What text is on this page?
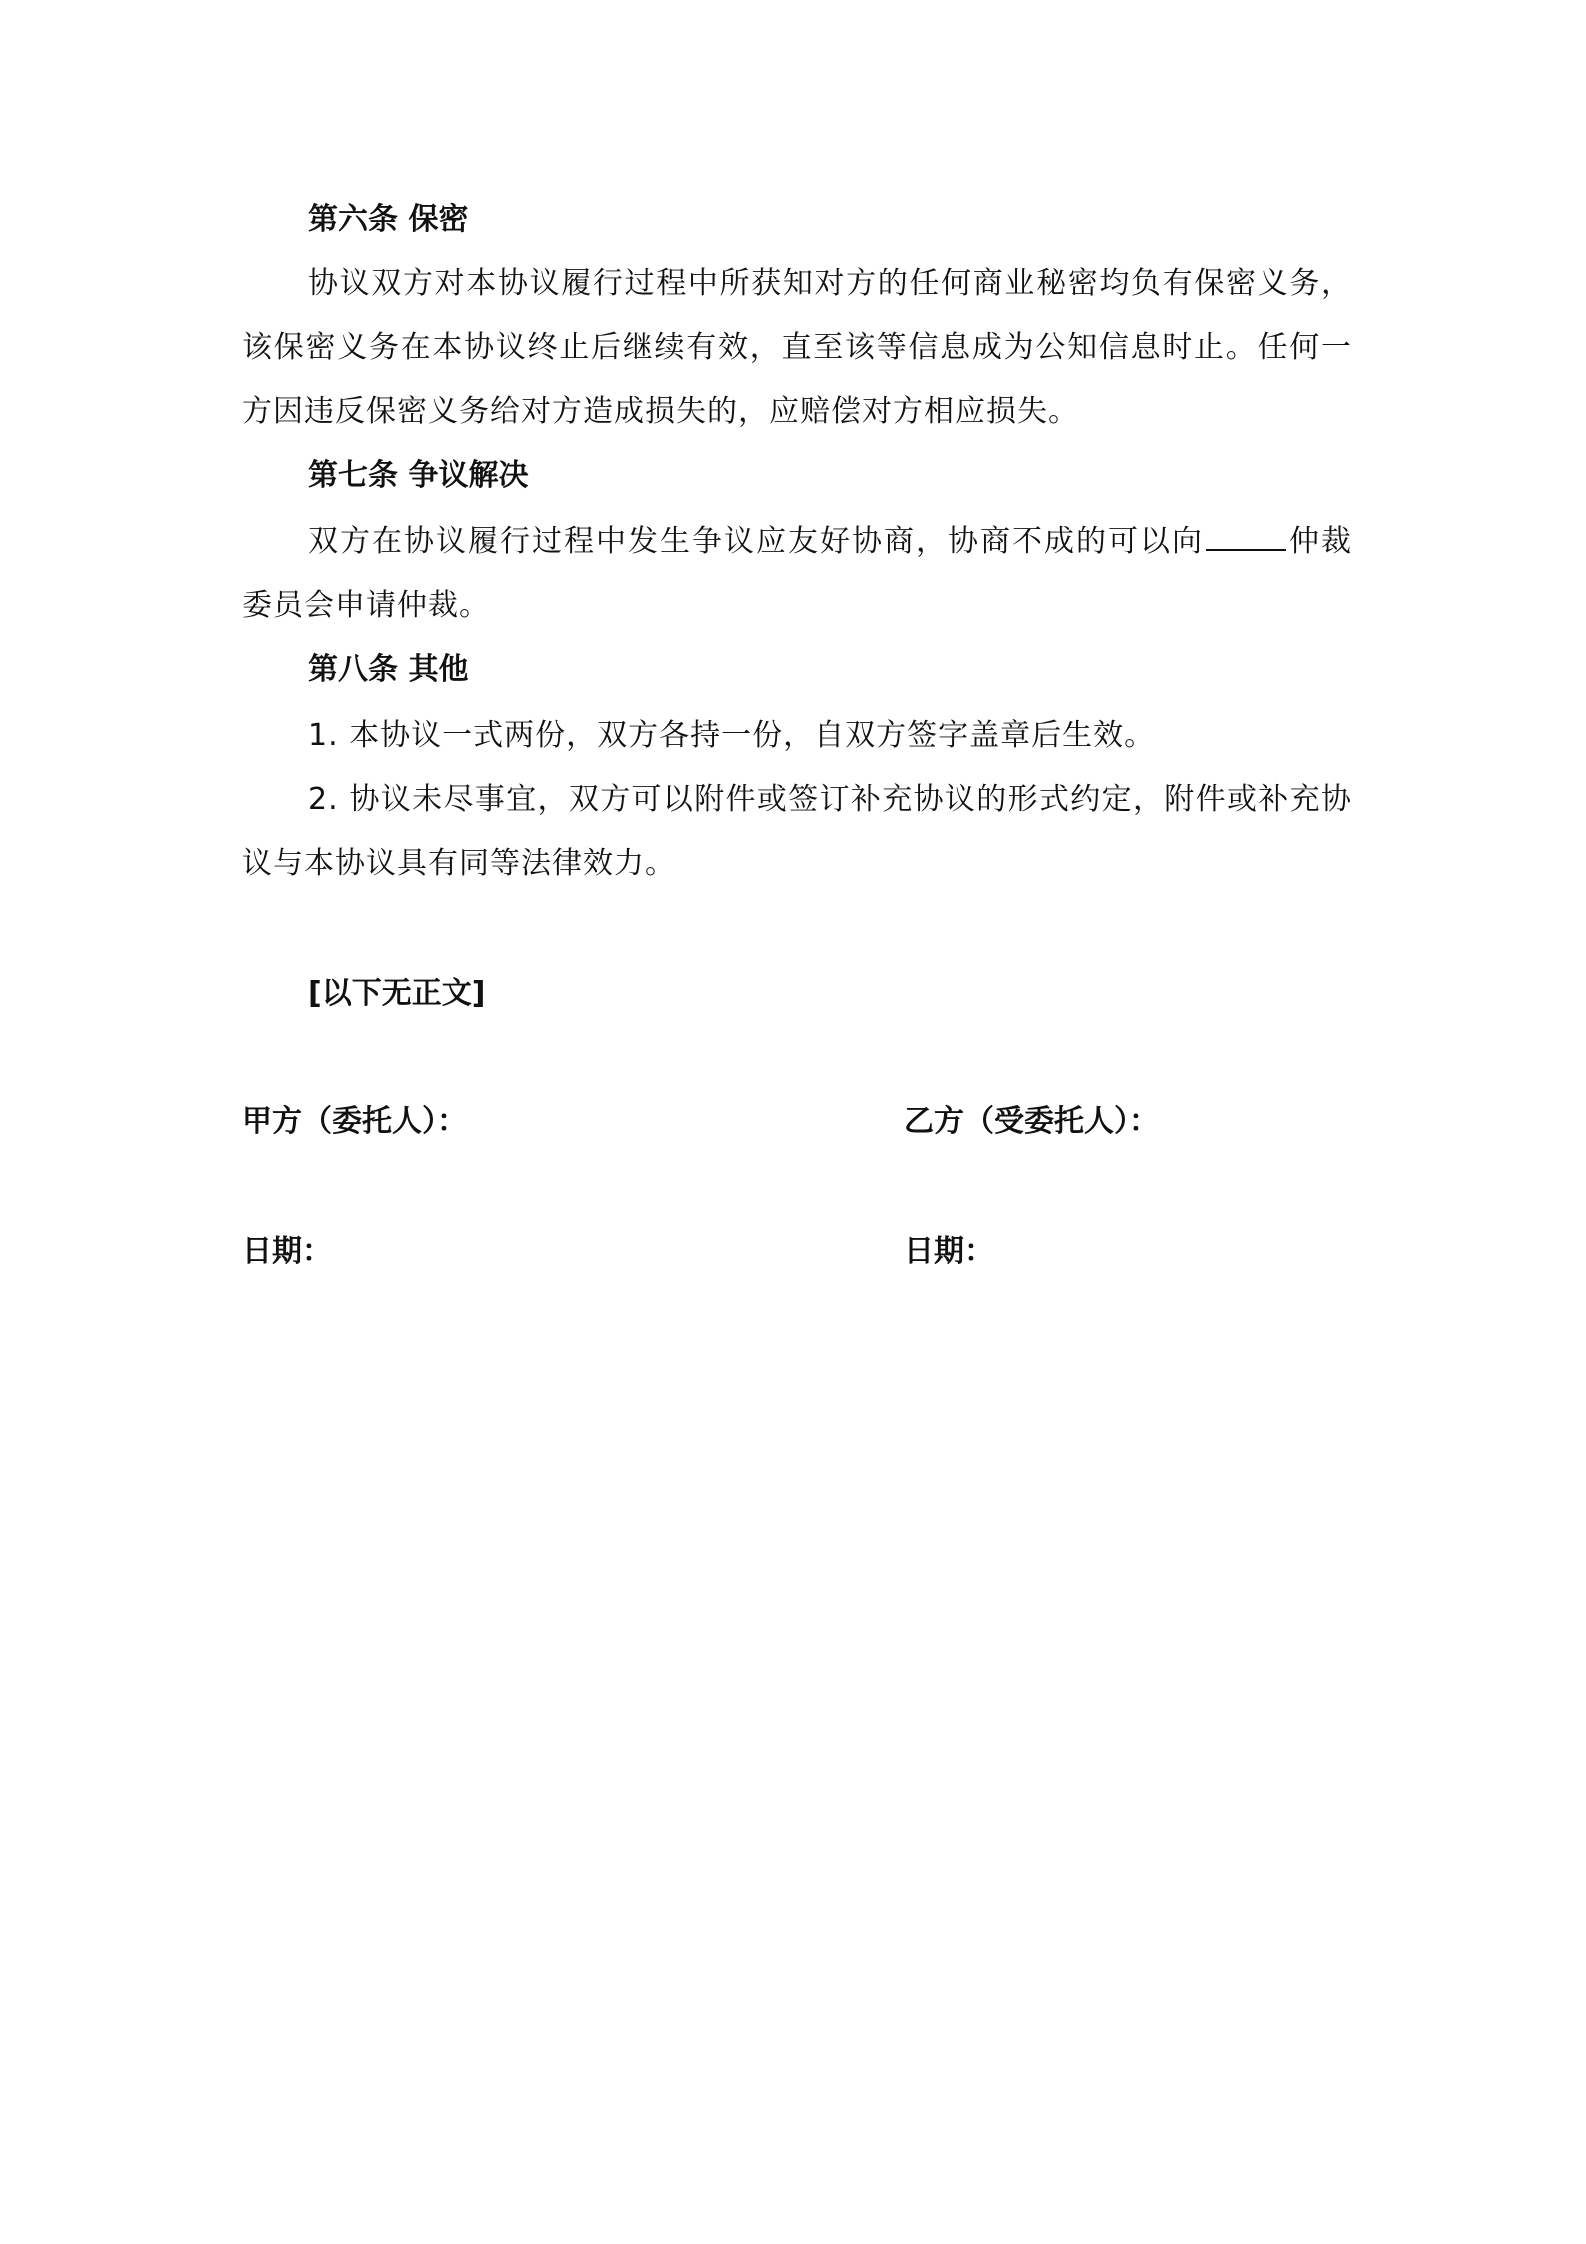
第六条 保密
协议双方对本协议履行过程中所获知对方的任何商业秘密均负有保密义务，该保密义务在本协议终止后继续有效，直至该等信息成为公知信息时止。任何一方因违反保密义务给对方造成损失的，应赔偿对方相应损失。
第七条 争议解决
双方在协议履行过程中发生争议应友好协商，协商不成的可以向	仲裁委员会申请仲裁。
第八条 其他
1. 本协议一式两份，双方各持一份，自双方签字盖章后生效。
2. 协议未尽事宜，双方可以附件或签订补充协议的形式约定，附件或补充协议与本协议具有同等法律效力。
[以下无正文]
甲方（委托人）：	乙方（受委托人）：
日期：	日期：
